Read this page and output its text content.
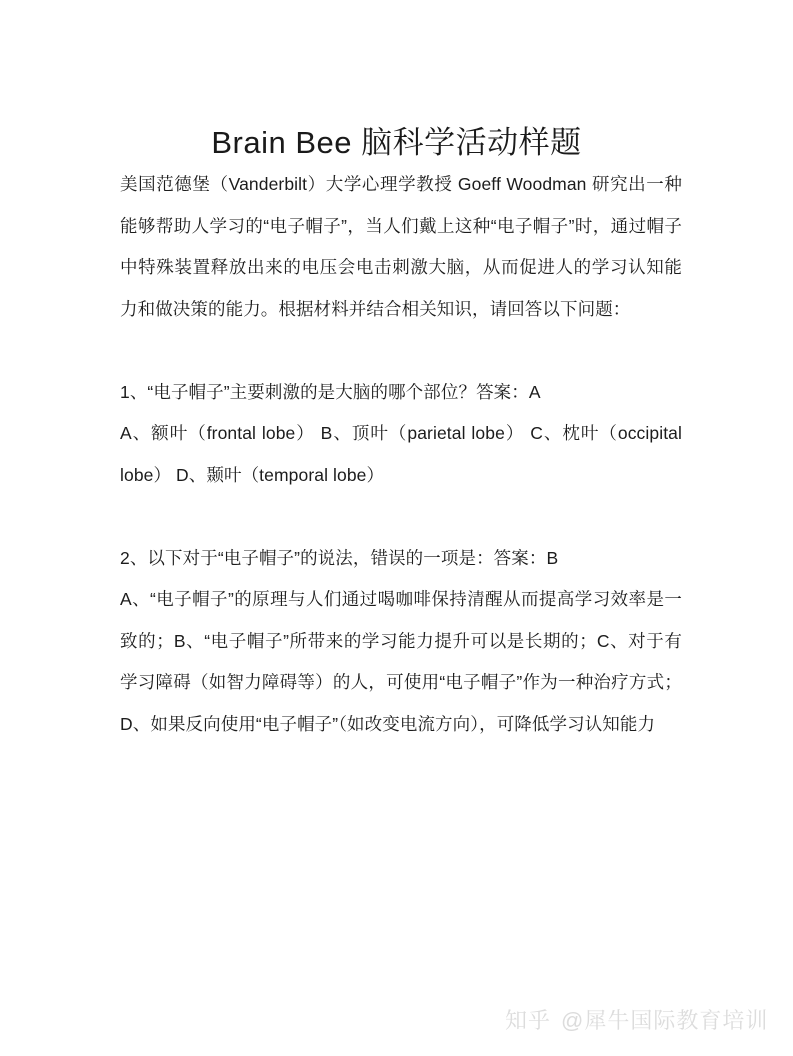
Brain Bee 脑科学活动样题

美国范德堡（Vanderbilt）大学心理学教授 Goeff Woodman 研究出一种能够帮助人学习的“电子帽子”，当人们戴上这种“电子帽子”时，通过帽子中特殊装置释放出来的电压会电击刺激大脑，从而促进人的学习认知能力和做决策的能力。根据材料并结合相关知识，请回答以下问题：

1、“电子帽子”主要刺激的是大脑的哪个部位？答案：A

A、额叶（frontal lobe） B、顶叶（parietal lobe） C、枕叶（occipital lobe） D、颞叶（temporal lobe）

2、以下对于“电子帽子”的说法，错误的一项是：答案：B

A、“电子帽子”的原理与人们通过喝咖啡保持清醒从而提高学习效率是一致的；B、“电子帽子”所带来的学习能力提升可以是长期的；C、对于有学习障碍（如智力障碍等）的人，可使用“电子帽子”作为一种治疗方式；D、如果反向使用“电子帽子”（如改变电流方向），可降低学习认知能力

知乎 @犀牛国际教育培训
